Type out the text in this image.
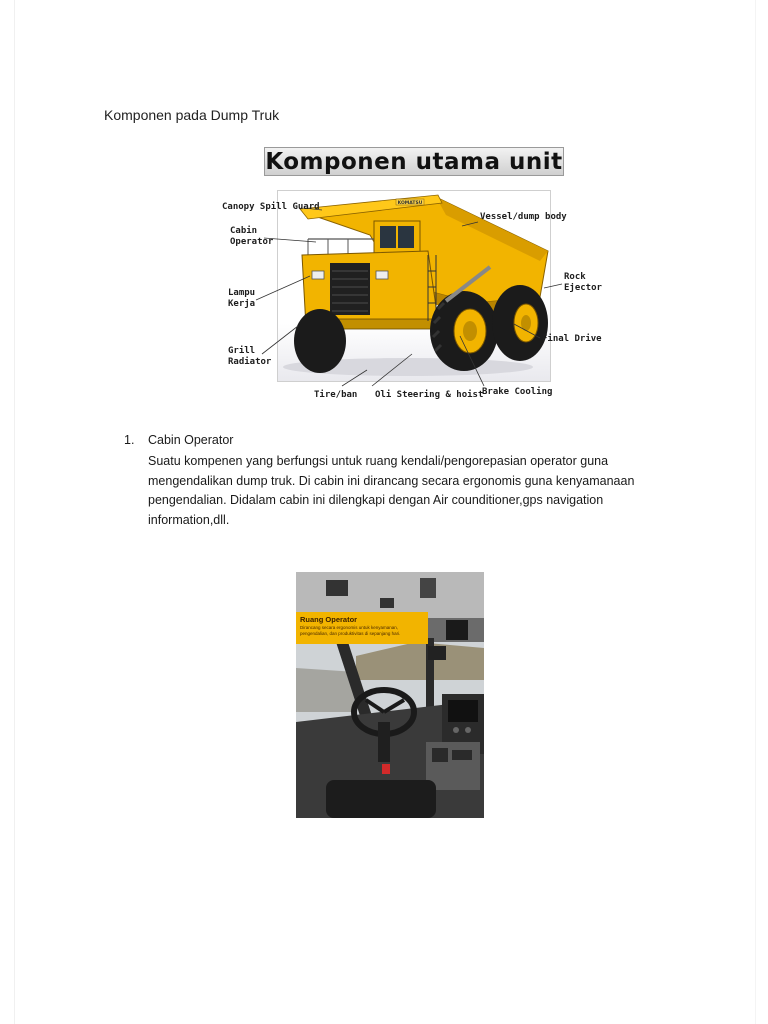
Komponen pada Dump Truk
Komponen utama unit
KOMATSU
Canopy Spill Guard
Cabin
Operator
Lampu
Kerja
Grill
Radiator
Tire/ban Oli Steering & hoist
Brake Cooling
Vessel/dump body
Rock
Ejector
Final Drive
1. Cabin Operator
Suatu kompenen yang berfungsi untuk ruang kendali/pengorepasian operator guna mengendalikan dump truk. Di cabin ini dirancang secara ergonomis guna kenyamanaan pengendalian. Didalam cabin ini dilengkapi dengan Air counditioner,gps navigation information,dll.
Ruang Operator
Dirancang secara ergonomis untuk kenyamanan, pengendalian, dan produktivitas di sepanjang hari.
